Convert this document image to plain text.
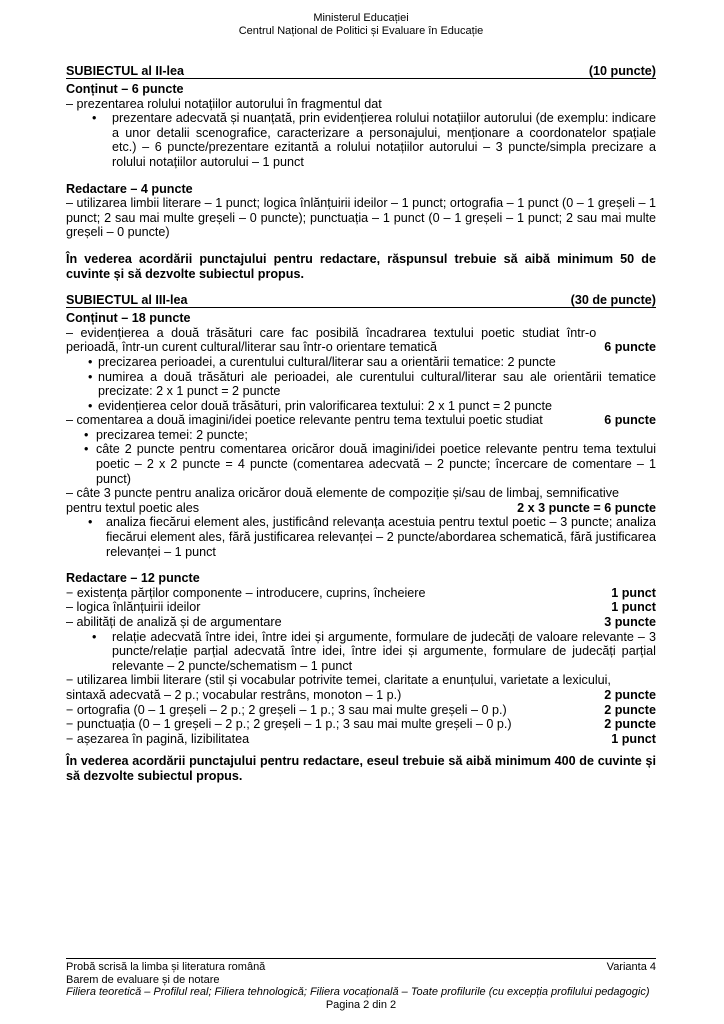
Ministerul Educației
Centrul Național de Politici și Evaluare în Educație
SUBIECTUL al II-lea	(10 puncte)
Conținut – 6 puncte
– prezentarea rolului notațiilor autorului în fragmentul dat
•	prezentare adecvată și nuanțată, prin evidențierea rolului notațiilor autorului (de exemplu: indicare a unor detalii scenografice, caracterizare a personajului, menționare a coordonatelor spațiale etc.) – 6 puncte/prezentare ezitantă a rolului notațiilor autorului – 3 puncte/simpla precizare a rolului notațiilor autorului – 1 punct
Redactare – 4 puncte
– utilizarea limbii literare – 1 punct; logica înlănțuirii ideilor – 1 punct; ortografia – 1 punct (0 – 1 greșeli – 1 punct; 2 sau mai multe greșeli – 0 puncte); punctuația – 1 punct (0 – 1 greșeli – 1 punct; 2 sau mai multe greșeli – 0 puncte)
În vederea acordării punctajului pentru redactare, răspunsul trebuie să aibă minimum 50 de cuvinte și să dezvolte subiectul propus.
SUBIECTUL al III-lea	(30 de puncte)
Conținut – 18 puncte
– evidențierea a două trăsături care fac posibilă încadrarea textului poetic studiat într-o perioadă, într-un curent cultural/literar sau într-o orientare tematică	6 puncte
• precizarea perioadei, a curentului cultural/literar sau a orientării tematice: 2 puncte
• numirea a două trăsături ale perioadei, ale curentului cultural/literar sau ale orientării tematice precizate: 2 x 1 punct = 2 puncte
• evidențierea celor două trăsături, prin valorificarea textului: 2 x 1 punct = 2 puncte
– comentarea a două imagini/idei poetice relevante pentru tema textului poetic studiat	6 puncte
• precizarea temei: 2 puncte;
• câte 2 puncte pentru comentarea oricăror două imagini/idei poetice relevante pentru tema textului poetic – 2 x 2 puncte = 4 puncte (comentarea adecvată – 2 puncte; încercare de comentare – 1 punct)
– câte 3 puncte pentru analiza oricăror două elemente de compoziție și/sau de limbaj, semnificative
pentru textul poetic ales	2 x 3 puncte = 6 puncte
•	analiza fiecărui element ales, justificând relevanța acestuia pentru textul poetic – 3 puncte; analiza fiecărui element ales, fără justificarea relevanței – 2 puncte/abordarea schematică, fără justificarea relevanței – 1 punct
Redactare – 12 puncte
− existența părților componente – introducere, cuprins, încheiere	1 punct
– logica înlănțuirii ideilor	1 punct
– abilități de analiză și de argumentare	3 puncte
•	relație adecvată între idei, între idei și argumente, formulare de judecăți de valoare relevante – 3 puncte/relație parțial adecvată între idei, între idei și argumente, formulare de judecăți parțial relevante – 2 puncte/schematism – 1 punct
− utilizarea limbii literare (stil și vocabular potrivite temei, claritate a enunțului, varietate a lexicului,
sintaxă adecvată – 2 p.; vocabular restrâns, monoton – 1 p.)	2 puncte
− ortografia (0 – 1 greșeli – 2 p.; 2 greșeli – 1 p.; 3 sau mai multe greșeli – 0 p.)	2 puncte
− punctuația (0 – 1 greșeli – 2 p.; 2 greșeli – 1 p.; 3 sau mai multe greșeli – 0 p.)	2 puncte
− așezarea în pagină, lizibilitatea	1 punct
În vederea acordării punctajului pentru redactare, eseul trebuie să aibă minimum 400 de cuvinte și să dezvolte subiectul propus.
Probă scrisă la limba și literatura română	Varianta 4
Barem de evaluare și de notare
Filiera teoretică – Profilul real; Filiera tehnologică; Filiera vocațională – Toate profilurile (cu excepția profilului pedagogic)
Pagina 2 din 2
